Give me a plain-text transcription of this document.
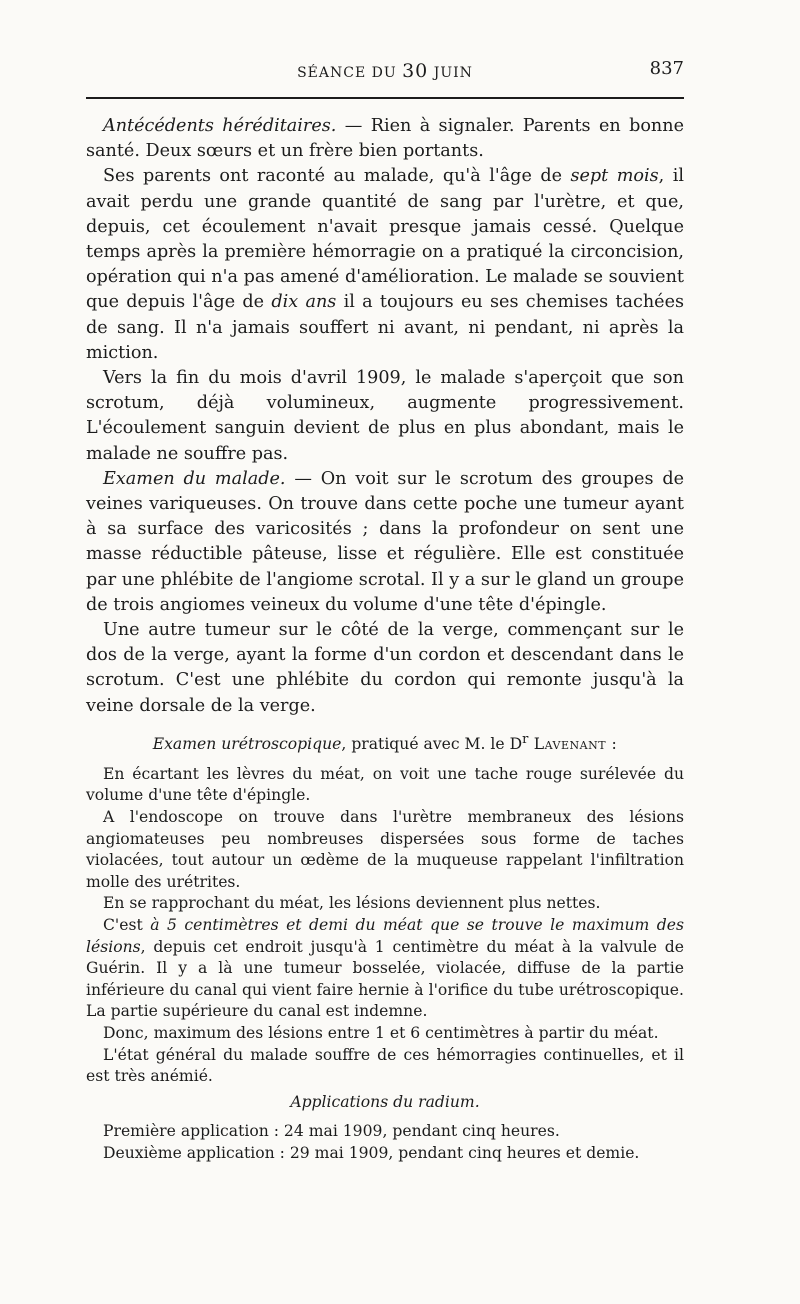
SÉANCE DU 30 JUIN	837

Antécédents héréditaires. — Rien à signaler. Parents en bonne santé. Deux sœurs et un frère bien portants.

Ses parents ont raconté au malade, qu'à l'âge de sept mois, il avait perdu une grande quantité de sang par l'urètre, et que, depuis, cet écoulement n'avait presque jamais cessé. Quelque temps après la première hémorragie on a pratiqué la circoncision, opération qui n'a pas amené d'amélioration. Le malade se souvient que depuis l'âge de dix ans il a toujours eu ses chemises tachées de sang. Il n'a jamais souffert ni avant, ni pendant, ni après la miction.

Vers la fin du mois d'avril 1909, le malade s'aperçoit que son scrotum, déjà volumineux, augmente progressivement. L'écoulement sanguin devient de plus en plus abondant, mais le malade ne souffre pas.

Examen du malade. — On voit sur le scrotum des groupes de veines variqueuses. On trouve dans cette poche une tumeur ayant à sa surface des varicosités ; dans la profondeur on sent une masse réductible pâteuse, lisse et régulière. Elle est constituée par une phlébite de l'angiome scrotal. Il y a sur le gland un groupe de trois angiomes veineux du volume d'une tête d'épingle.

Une autre tumeur sur le côté de la verge, commençant sur le dos de la verge, ayant la forme d'un cordon et descendant dans le scrotum. C'est une phlébite du cordon qui remonte jusqu'à la veine dorsale de la verge.

Examen urétroscopique, pratiqué avec M. le $D^r$ Lavenant :

En écartant les lèvres du méat, on voit une tache rouge surélevée du volume d'une tête d'épingle.

A l'endoscope on trouve dans l'urètre membraneux des lésions angiomateuses peu nombreuses dispersées sous forme de taches violacées, tout autour un œdème de la muqueuse rappelant l'infiltration molle des urétrites.

En se rapprochant du méat, les lésions deviennent plus nettes.

C'est à 5 centimètres et demi du méat que se trouve le maximum des lésions, depuis cet endroit jusqu'à 1 centimètre du méat à la valvule de Guérin. Il y a là une tumeur bosselée, violacée, diffuse de la partie inférieure du canal qui vient faire hernie à l'orifice du tube urétroscopique. La partie supérieure du canal est indemne.

Donc, maximum des lésions entre 1 et 6 centimètres à partir du méat.

L'état général du malade souffre de ces hémorragies continuelles, et il est très anémié.

Applications du radium.

Première application : 24 mai 1909, pendant cinq heures.

Deuxième application : 29 mai 1909, pendant cinq heures et demie.
